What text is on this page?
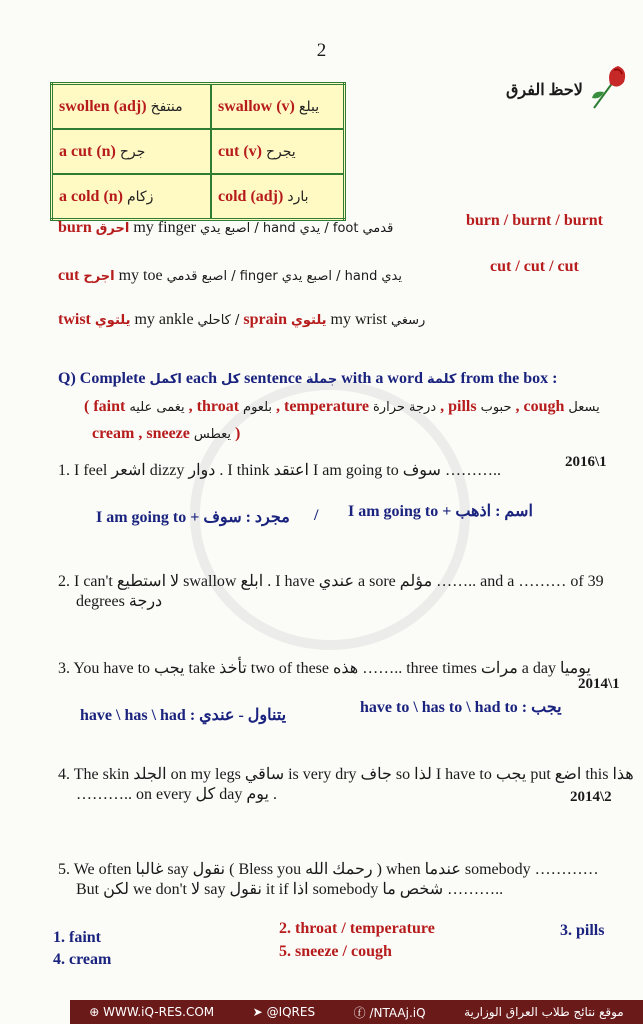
2
لاحظ الفرق
swollen (adj) منتفخ	swallow (v) يبلع
a cut (n) جرح	cut (v) يجرح
a cold (n) زكام	cold (adj) بارد
burn احرق my finger اصبع يدي / hand يدي / foot قدمي	burn / burnt / burnt
cut اجرح my toe اصبع قدمي / finger اصبع يدي / hand يدي
cut / cut / cut
twist يلتوي my ankle كاحلي / sprain يلتوي my wrist رسغي
Q) Complete اكمل each كل sentence جملة with a word كلمة from the box :
( faint يغمى عليه , throat بلعوم , temperature درجة حرارة , pills حبوب , cough يسعل
cream , sneeze يعطس )
1. I feel اشعر dizzy دوار . I think اعتقد I am going to سوف ………..	2016\1
I am going to + مجرد : سوف / I am going to + اسم : اذهب
2. I can't لا استطيع swallow ابلع . I have عندي a sore مؤلم …….. and a ……… of 39
degrees درجة
3. You have to يجب take تأخذ two of these هذه …….. three times مرات a day يوميا
2014\1
have \ has \ had : يتناول - عندي	have to \ has to \ had to : يجب
4. The skin الجلد on my legs ساقي is very dry جاف so لذا I have to يجب put اضع this هذا
……….. on every كل day يوم .	2014\2
5. We often غالبا say نقول ( Bless you رحمك الله ) when عندما somebody …………
But لكن we don't لا say نقول it if اذا somebody شخص ما ………..
1. faint
2. throat / temperature	3. pills
4. cream	5. sneeze / cough
⊕ WWW.iQ-RES.COM	➤ @IQRES	ⓕ /NTAAj.iQ	موقع نتائج طلاب العراق الوزارية
